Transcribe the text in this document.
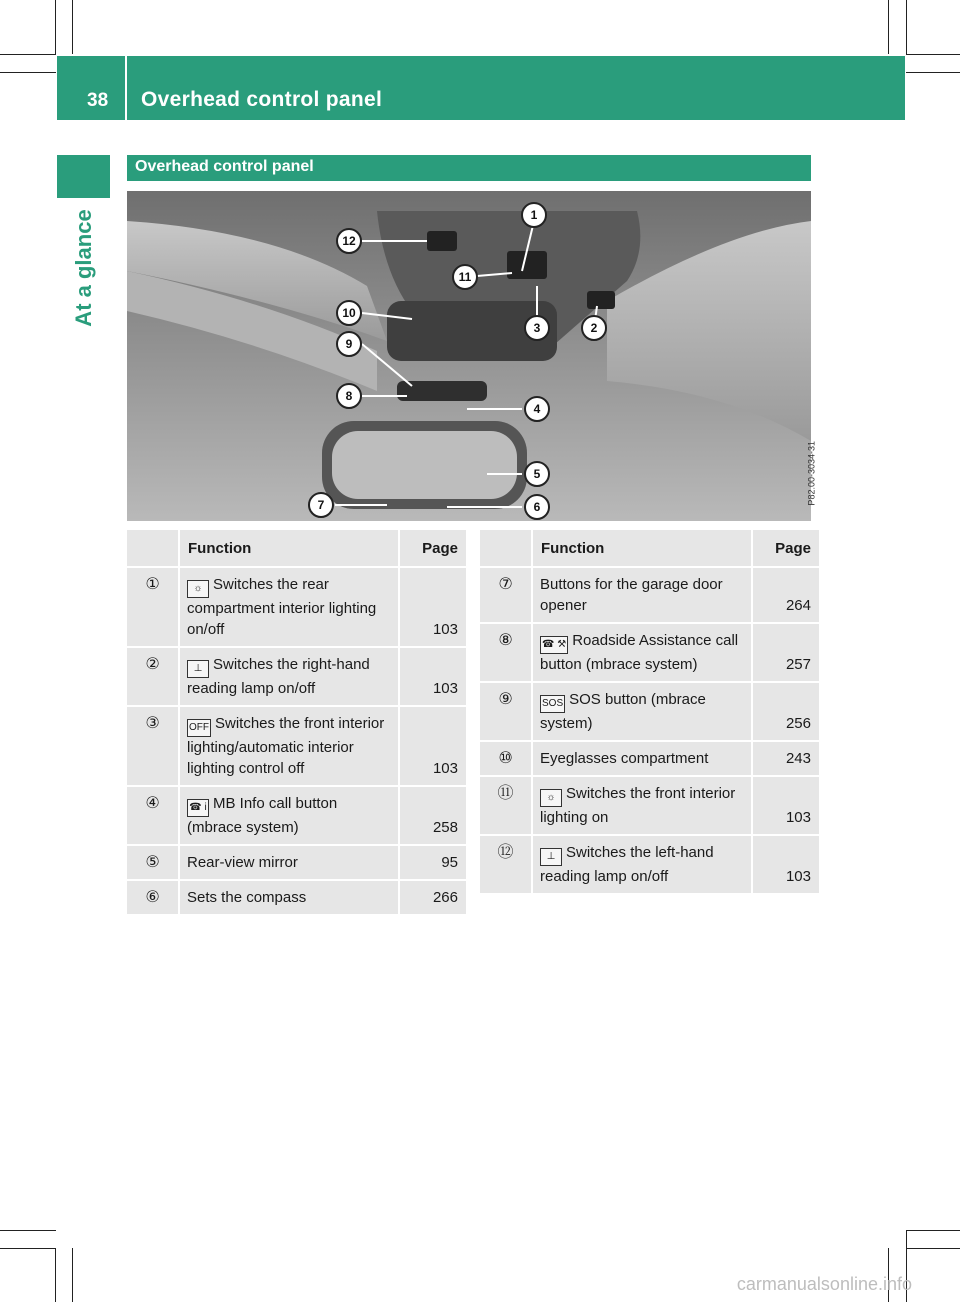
38 Overhead control panel
At a glance
Overhead control panel
1
2
3
4
5
6
7
8
9
10
11
12
P82.00-3034-31
	Function	Page
①	☼ Switches the rear compartment interior lighting on/off	103
②	⊥ Switches the right-hand reading lamp on/off	103
③	OFF Switches the front interior lighting/automatic interior lighting control off	103
④	☎ i MB Info call button (mbrace system)	258
⑤	Rear-view mirror	95
⑥	Sets the compass	266
	Function	Page
⑦	Buttons for the garage door opener	264
⑧	☎ ⚒ Roadside Assistance call button (mbrace system)	257
⑨	SOS SOS button (mbrace system)	256
⑩	Eyeglasses compartment	243
⑪	☼ Switches the front interior lighting on	103
⑫	⊥ Switches the left-hand reading lamp on/off	103
carmanualsonline.info
